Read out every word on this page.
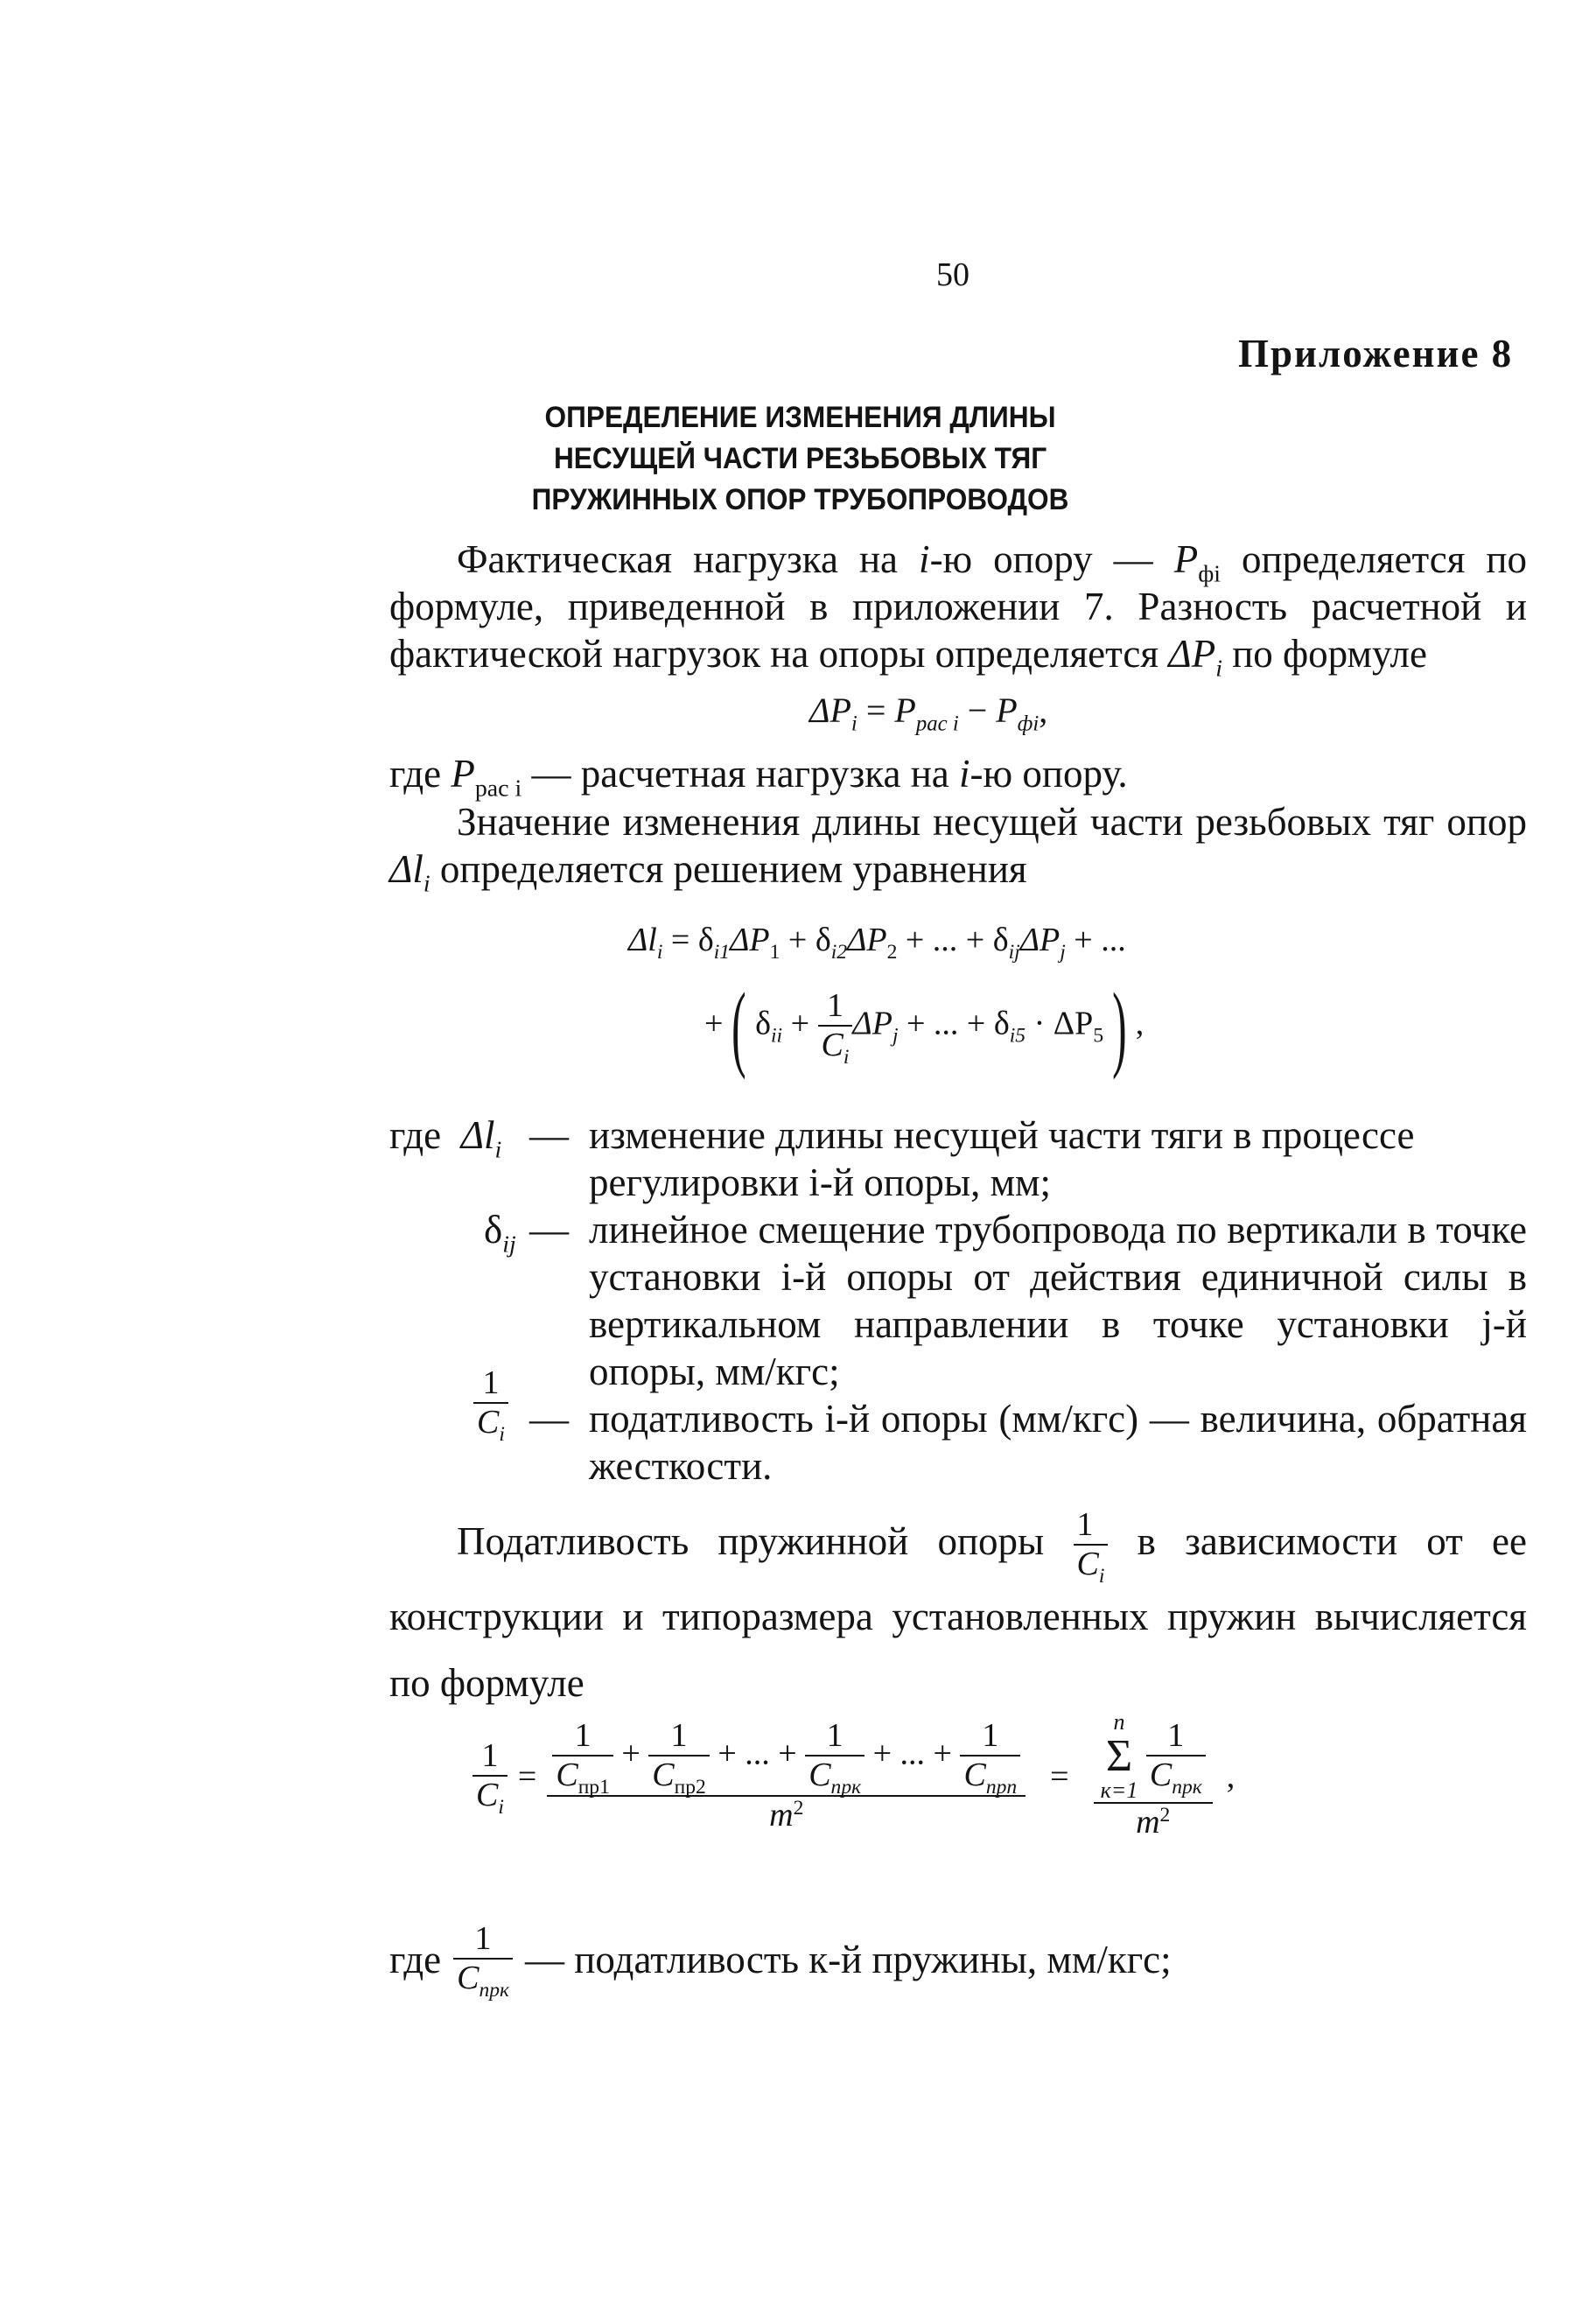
50
Приложение 8
ОПРЕДЕЛЕНИЕ ИЗМЕНЕНИЯ ДЛИНЫ
НЕСУЩЕЙ ЧАСТИ РЕЗЬБОВЫХ ТЯГ
ПРУЖИННЫХ ОПОР ТРУБОПРОВОДОВ
Фактическая нагрузка на i-ю опору — $P_{фi}$ определяется по формуле, приведенной в приложении 7. Разность расчетной и фактической нагрузок на опоры определяется $\Delta P_i$ по формуле
$\Delta P_i = P_{рас i} - P_{фi}$,
где $P_{рас i}$ — расчетная нагрузка на i-ю опору.
Значение изменения длины несущей части резьбовых тяг опор $\Delta l_i$ определяется решением уравнения
$\Delta l_i = \delta_{i1}\Delta P_1 + \delta_{i2}\Delta P_2$ + ... + $\delta_{ij}\Delta P_j$ + ...
+( $\delta_{ii} + \frac{1}{C_i} \Delta P_j$ + ... + $\delta_{i5} \cdot \Delta P_5$) ,
где $\Delta l_i$ — изменение длины несущей части тяги в процессе регулировки i-й опоры, мм;
$\delta_{ij}$ — линейное смещение трубопровода по вертикали в точке установки i-й опоры от действия единичной силы в вертикальном направлении в точке установки j-й опоры, мм/кгс;
$\frac{1}{C_i}$ — податливость i-й опоры (мм/кгс) — величина, обратная жесткости.
Податливость пружинной опоры $\frac{1}{C_i}$ в зависимости от ее конструкции и типоразмера установленных пружин вычисляется по формуле
$\frac{1}{C_i} = \frac{1}{C_{пр1}} + \frac{1}{C_{пр2}}$ + ... + $\frac{1}{C_{прк}}$ + ... + $\frac{1}{C_{прn}}$
$m^2$
= n
Σ
к=1
$\frac{1}{C_{прк}}$
$m^2$ ,
где $\frac{1}{C_{прк}}$ — податливость к-й пружины, мм/кгс;
